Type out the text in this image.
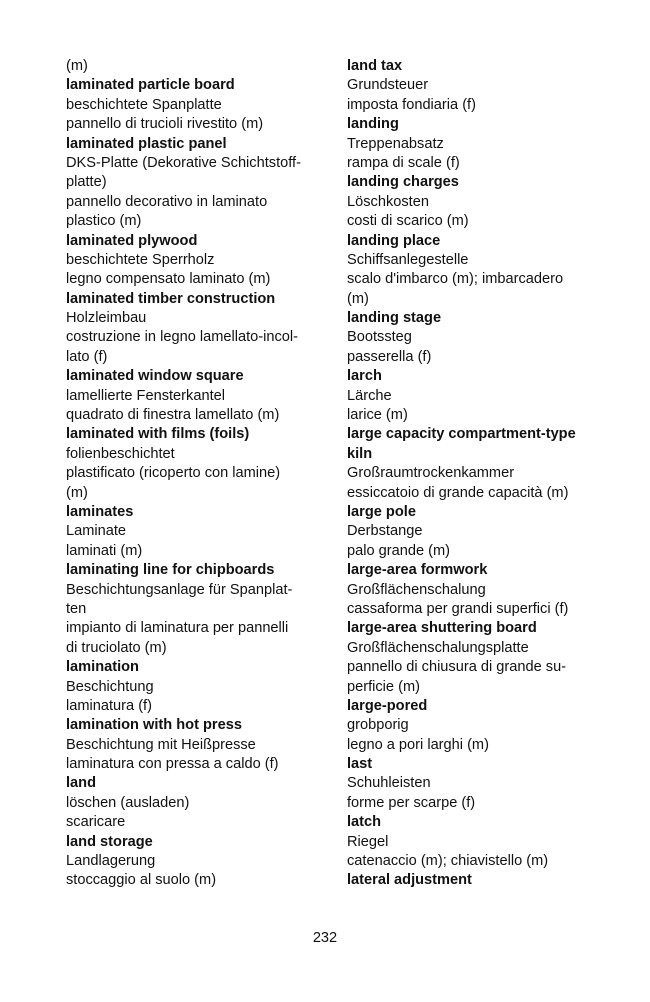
(m)
laminated particle board
beschichtete Spanplatte
pannello di trucioli rivestito (m)
laminated plastic panel
DKS-Platte (Dekorative Schichtstoff-
platte)
pannello decorativo in laminato
plastico (m)
laminated plywood
beschichtete Sperrholz
legno compensato laminato (m)
laminated timber construction
Holzleimbau
costruzione in legno lamellato-incol-
lato (f)
laminated window square
lamellierte Fensterkantel
quadrato di finestra lamellato (m)
laminated with films (foils)
folienbeschichtet
plastificato (ricoperto con lamine)
(m)
laminates
Laminate
laminati (m)
laminating line for chipboards
Beschichtungsanlage für Spanplat-
ten
impianto di laminatura per pannelli
di truciolato (m)
lamination
Beschichtung
laminatura (f)
lamination with hot press
Beschichtung mit Heißpresse
laminatura con pressa a caldo (f)
land
löschen (ausladen)
scaricare
land storage
Landlagerung
stoccaggio al suolo (m)
land tax
Grundsteuer
imposta fondiaria (f)
landing
Treppenabsatz
rampa di scale (f)
landing charges
Löschkosten
costi di scarico (m)
landing place
Schiffsanlegestelle
scalo d'imbarco (m); imbarcadero
(m)
landing stage
Bootssteg
passerella (f)
larch
Lärche
larice (m)
large capacity compartment-type
kiln
Großraumtrockenkammer
essiccatoio di grande capacità (m)
large pole
Derbstange
palo grande (m)
large-area formwork
Großflächenschalung
cassaforma per grandi superfici (f)
large-area shuttering board
Großflächenschalungsplatte
pannello di chiusura di grande su-
perficie (m)
large-pored
grobporig
legno a pori larghi (m)
last
Schuhleisten
forme per scarpe (f)
latch
Riegel
catenaccio (m); chiavistello (m)
lateral adjustment
232
